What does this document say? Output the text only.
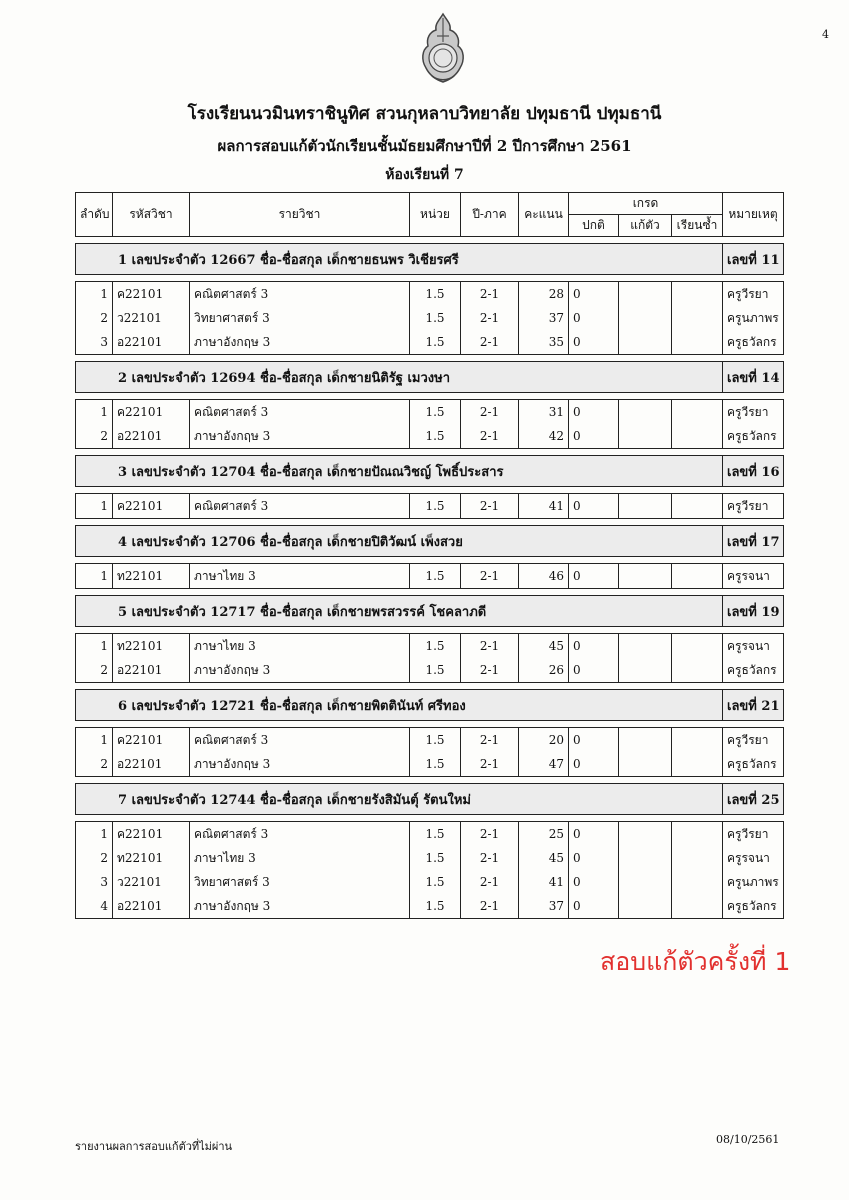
4
โรงเรียนนวมินทราชินูทิศ สวนกุหลาบวิทยาลัย ปทุมธานี ปทุมธานี
ผลการสอบแก้ตัวนักเรียนชั้นมัธยมศึกษาปีที่ 2 ปีการศึกษา 2561
ห้องเรียนที่ 7
ลำดับ	รหัสวิชา	รายวิชา	หน่วย	ปี-ภาค	คะแนน	เกรด			หมายเหตุ
						ปกติ	แก้ตัว	เรียนซ้ำ	

1 เลขประจำตัว 12667 ชื่อ-ชื่อสกุล เด็กชายธนพร วิเชียรศรี									เลขที่ 11

1	ค22101	คณิตศาสตร์ 3	1.5	2-1	28	0			ครูวีรยา
2	ว22101	วิทยาศาสตร์ 3	1.5	2-1	37	0			ครูนภาพร
3	อ22101	ภาษาอังกฤษ 3	1.5	2-1	35	0			ครูธวัลกร

2 เลขประจำตัว 12694 ชื่อ-ชื่อสกุล เด็กชายนิติรัฐ เมวงษา									เลขที่ 14

1	ค22101	คณิตศาสตร์ 3	1.5	2-1	31	0			ครูวีรยา
2	อ22101	ภาษาอังกฤษ 3	1.5	2-1	42	0			ครูธวัลกร

3 เลขประจำตัว 12704 ชื่อ-ชื่อสกุล เด็กชายปัณณวิชญ์ โพธิ์ประสาร									เลขที่ 16

1	ค22101	คณิตศาสตร์ 3	1.5	2-1	41	0			ครูวีรยา

4 เลขประจำตัว 12706 ชื่อ-ชื่อสกุล เด็กชายปิติวัฒน์ เพ็งสวย									เลขที่ 17

1	ท22101	ภาษาไทย 3	1.5	2-1	46	0			ครูรจนา

5 เลขประจำตัว 12717 ชื่อ-ชื่อสกุล เด็กชายพรสวรรค์ โชคลาภดี									เลขที่ 19

1	ท22101	ภาษาไทย 3	1.5	2-1	45	0			ครูรจนา
2	อ22101	ภาษาอังกฤษ 3	1.5	2-1	26	0			ครูธวัลกร

6 เลขประจำตัว 12721 ชื่อ-ชื่อสกุล เด็กชายพิตตินันท์ ศรีทอง									เลขที่ 21

1	ค22101	คณิตศาสตร์ 3	1.5	2-1	20	0			ครูวีรยา
2	อ22101	ภาษาอังกฤษ 3	1.5	2-1	47	0			ครูธวัลกร

7 เลขประจำตัว 12744 ชื่อ-ชื่อสกุล เด็กชายรังสิมันตุ์ รัตนใหม่									เลขที่ 25

1	ค22101	คณิตศาสตร์ 3	1.5	2-1	25	0			ครูวีรยา
2	ท22101	ภาษาไทย 3	1.5	2-1	45	0			ครูรจนา
3	ว22101	วิทยาศาสตร์ 3	1.5	2-1	41	0			ครูนภาพร
4	อ22101	ภาษาอังกฤษ 3	1.5	2-1	37	0			ครูธวัลกร
สอบแก้ตัวครั้งที่ 1
รายงานผลการสอบแก้ตัวที่ไม่ผ่าน
08/10/2561
